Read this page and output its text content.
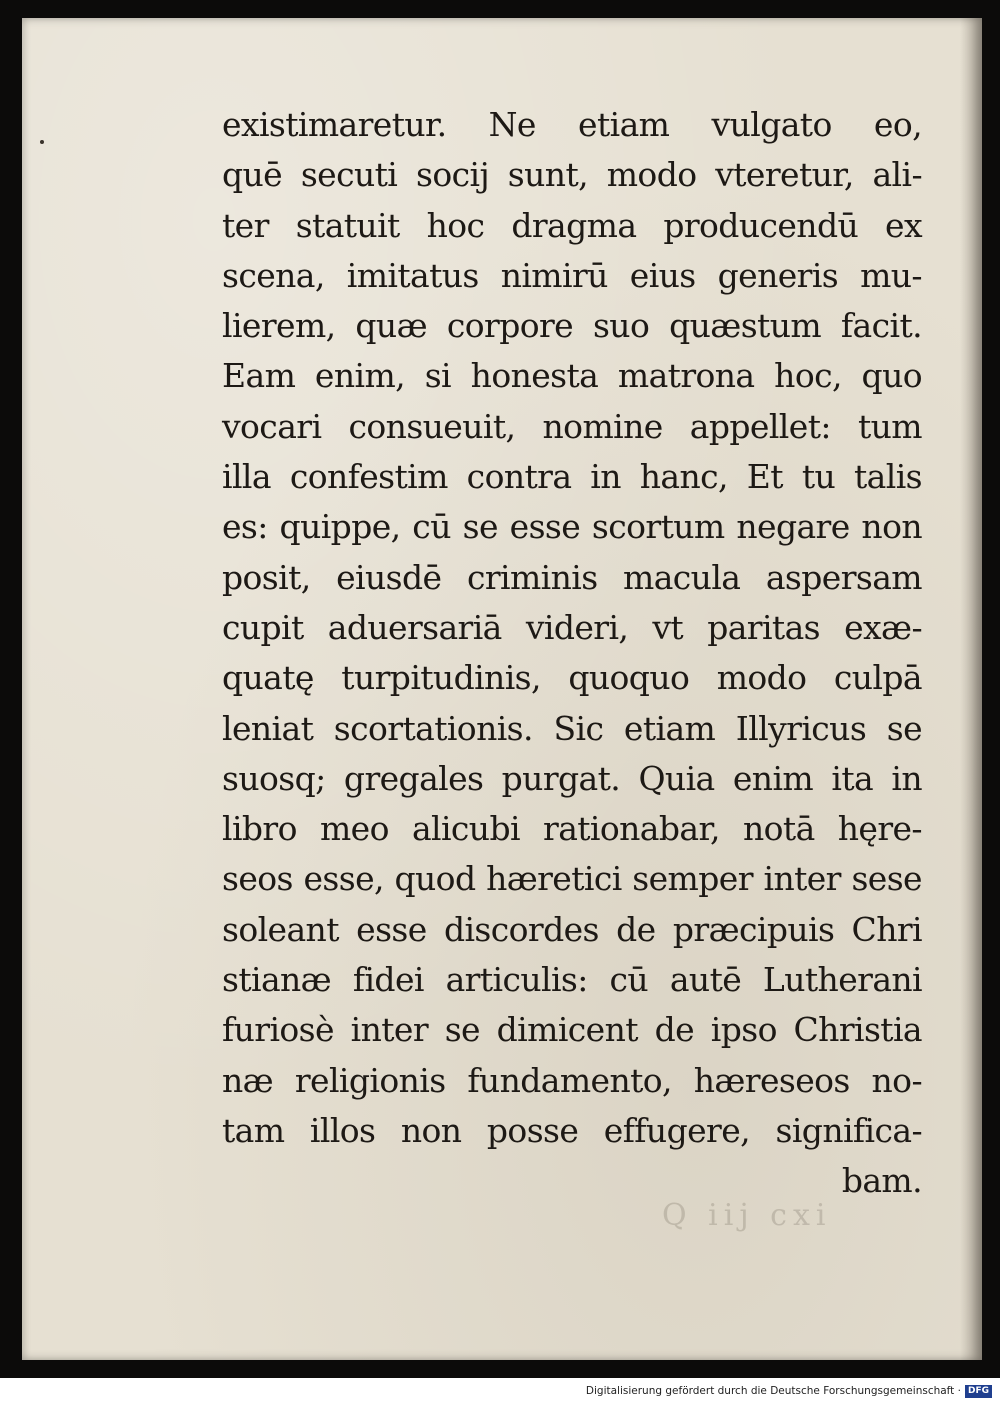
Q iij cxi
existimaretur. Ne etiam vulgato eo,
quē secuti socij sunt, modo vteretur, ali-
ter statuit hoc dragma producendū ex
scena, imitatus nimirū eius generis mu-
lierem, quæ corpore suo quæstum facit.
Eam enim, si honesta matrona hoc, quo
vocari consueuit, nomine appellet: tum
illa confestim contra in hanc, Et tu talis
es: quippe, cū se esse scortum negare non
posit, eiusdē criminis macula aspersam
cupit aduersariā videri, vt paritas exæ-
quatę turpitudinis, quoquo modo culpā
leniat scortationis. Sic etiam Illyricus se
suosq; gregales purgat. Quia enim ita in
libro meo alicubi rationabar, notā hęre-
seos esse, quod hæretici semper inter sese
soleant esse discordes de præcipuis Chri
stianæ fidei articulis: cū autē Lutherani
furiosè inter se dimicent de ipso Christia
næ religionis fundamento, hæreseos no-
tam illos non posse effugere, significa-
bam.
Digitalisierung gefördert durch die Deutsche Forschungsgemeinschaft · DFG
